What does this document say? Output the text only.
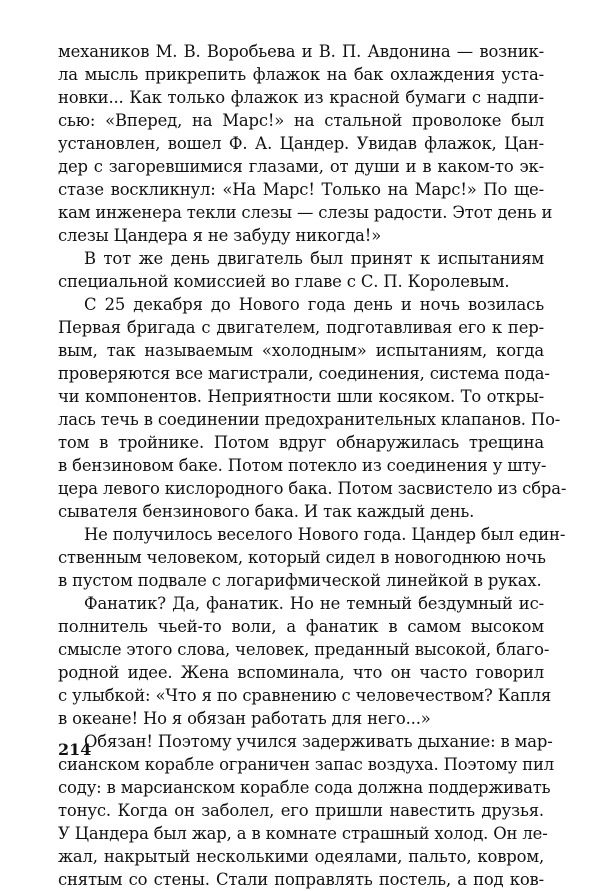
механиков М. В. Воробьева и В. П. Авдонина — возник-
ла мысль прикрепить флажок на бак охлаждения уста-
новки... Как только флажок из красной бумаги с надпи-
сью: «Вперед, на Марс!» на стальной проволоке был
установлен, вошел Ф. А. Цандер. Увидав флажок, Цан-
дер с загоревшимися глазами, от души и в каком-то эк-
стазе воскликнул: «На Марс! Только на Марс!» По ще-
кам инженера текли слезы — слезы радости. Этот день и
слезы Цандера я не забуду никогда!»
В тот же день двигатель был принят к испытаниям
специальной комиссией во главе с С. П. Королевым.
С 25 декабря до Нового года день и ночь возилась
Первая бригада с двигателем, подготавливая его к пер-
вым, так называемым «холодным» испытаниям, когда
проверяются все магистрали, соединения, система пода-
чи компонентов. Неприятности шли косяком. То откры-
лась течь в соединении предохранительных клапанов. По-
том в тройнике. Потом вдруг обнаружилась трещина
в бензиновом баке. Потом потекло из соединения у шту-
цера левого кислородного бака. Потом засвистело из сбра-
сывателя бензинового бака. И так каждый день.
Не получилось веселого Нового года. Цандер был един-
ственным человеком, который сидел в новогоднюю ночь
в пустом подвале с логарифмической линейкой в руках.
Фанатик? Да, фанатик. Но не темный бездумный ис-
полнитель чьей-то воли, а фанатик в самом высоком
смысле этого слова, человек, преданный высокой, благо-
родной идее. Жена вспоминала, что он часто говорил
с улыбкой: «Что я по сравнению с человечеством? Капля
в океане! Но я обязан работать для него...»
Обязан! Поэтому учился задерживать дыхание: в мар-
сианском корабле ограничен запас воздуха. Поэтому пил
соду: в марсианском корабле сода должна поддерживать
тонус. Когда он заболел, его пришли навестить друзья.
У Цандера был жар, а в комнате страшный холод. Он ле-
жал, накрытый несколькими одеялами, пальто, ковром,
снятым со стены. Стали поправлять постель, а под ков-
214
